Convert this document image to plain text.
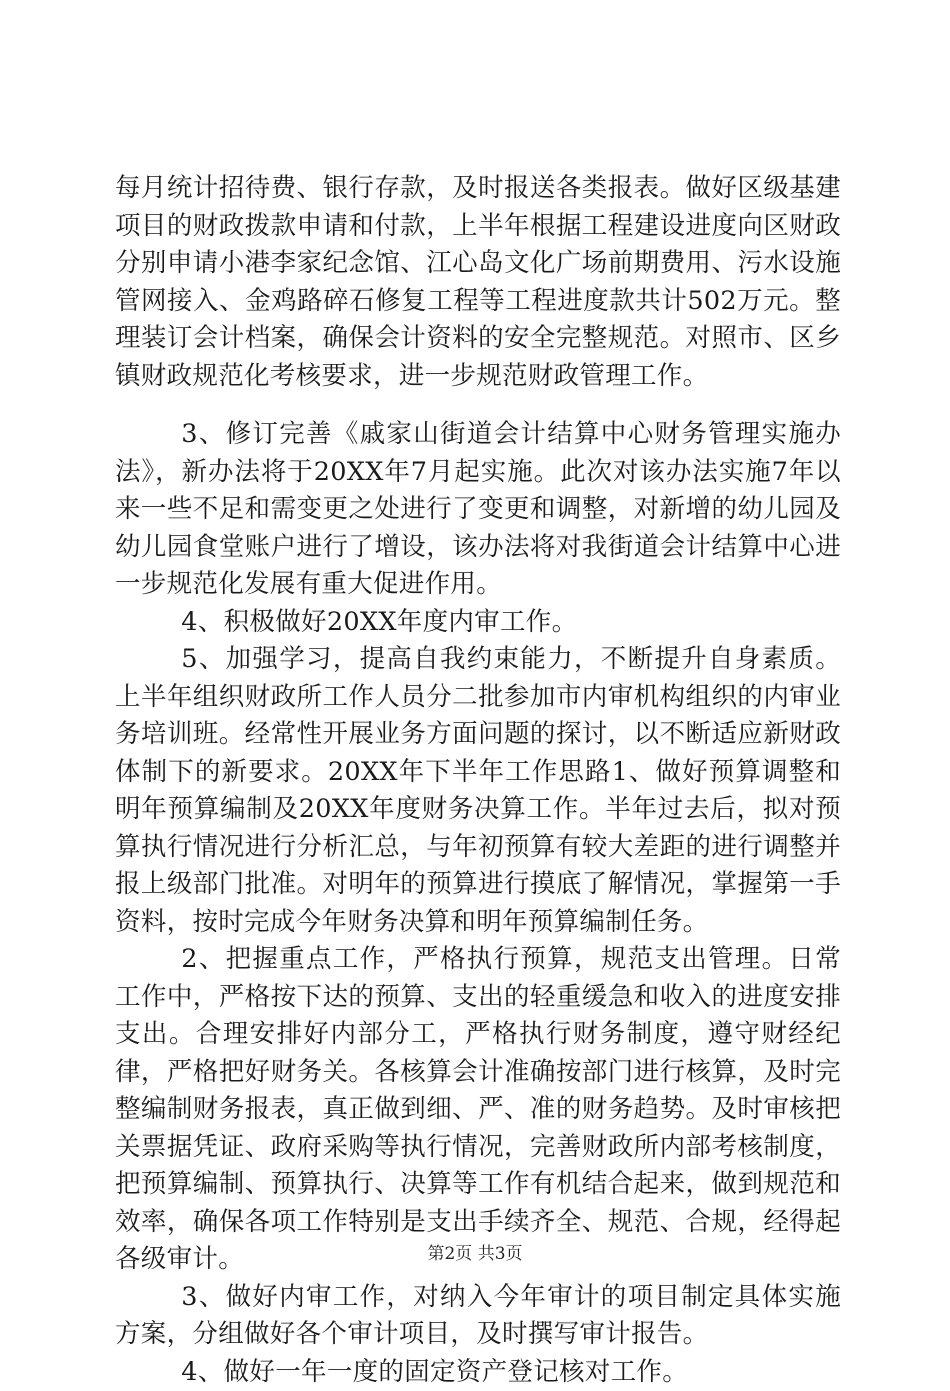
每月统计招待费、银行存款，及时报送各类报表。做好区级基建项目的财政拨款申请和付款，上半年根据工程建设进度向区财政分别申请小港李家纪念馆、江心岛文化广场前期费用、污水设施管网接入、金鸡路碎石修复工程等工程进度款共计502万元。整理装订会计档案，确保会计资料的安全完整规范。对照市、区乡镇财政规范化考核要求，进一步规范财政管理工作。

3、修订完善《戚家山街道会计结算中心财务管理实施办法》，新办法将于20XX年7月起实施。此次对该办法实施7年以来一些不足和需变更之处进行了变更和调整，对新增的幼儿园及幼儿园食堂账户进行了增设，该办法将对我街道会计结算中心进一步规范化发展有重大促进作用。

4、积极做好20XX年度内审工作。

5、加强学习，提高自我约束能力，不断提升自身素质。上半年组织财政所工作人员分二批参加市内审机构组织的内审业务培训班。经常性开展业务方面问题的探讨，以不断适应新财政体制下的新要求。20XX年下半年工作思路1、做好预算调整和明年预算编制及20XX年度财务决算工作。半年过去后，拟对预算执行情况进行分析汇总，与年初预算有较大差距的进行调整并报上级部门批准。对明年的预算进行摸底了解情况，掌握第一手资料，按时完成今年财务决算和明年预算编制任务。

2、把握重点工作，严格执行预算，规范支出管理。日常工作中，严格按下达的预算、支出的轻重缓急和收入的进度安排支出。合理安排好内部分工，严格执行财务制度，遵守财经纪律，严格把好财务关。各核算会计准确按部门进行核算，及时完整编制财务报表，真正做到细、严、准的财务趋势。及时审核把关票据凭证、政府采购等执行情况，完善财政所内部考核制度，把预算编制、预算执行、决算等工作有机结合起来，做到规范和效率，确保各项工作特别是支出手续齐全、规范、合规，经得起各级审计。

3、做好内审工作，对纳入今年审计的项目制定具体实施方案，分组做好各个审计项目，及时撰写审计报告。

4、做好一年一度的固定资产登记核对工作。

第2页 共3页
